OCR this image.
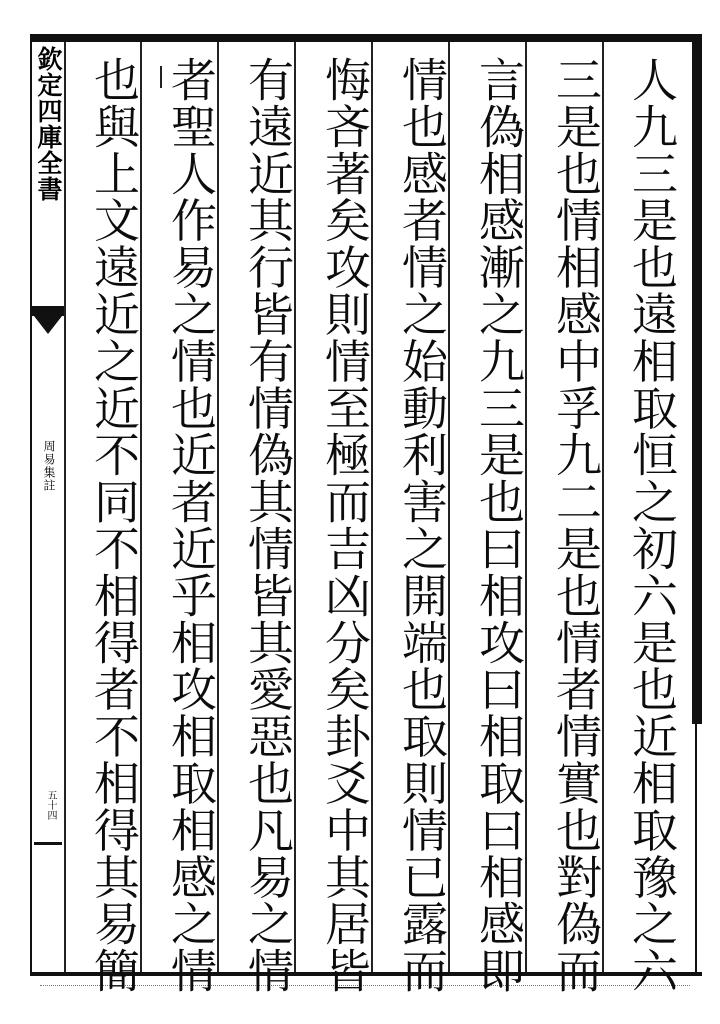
欽定四庫全書
周易集註
五十四	人九三是也遠相取恒之初六是也近相取豫之六
三是也情相感中孚九二是也情者情實也對偽而
言偽相感漸之九三是也曰相攻曰相取曰相感即
情也感者情之始動利害之開端也取則情已露而
悔吝著矣攻則情至極而吉凶分矣卦爻中其居皆
有遠近其行皆有情偽其情皆其愛惡也凡易之情
者聖人作易之情也近者近乎相攻相取相感之情
也與上文遠近之近不同不相得者不相得其易簡
